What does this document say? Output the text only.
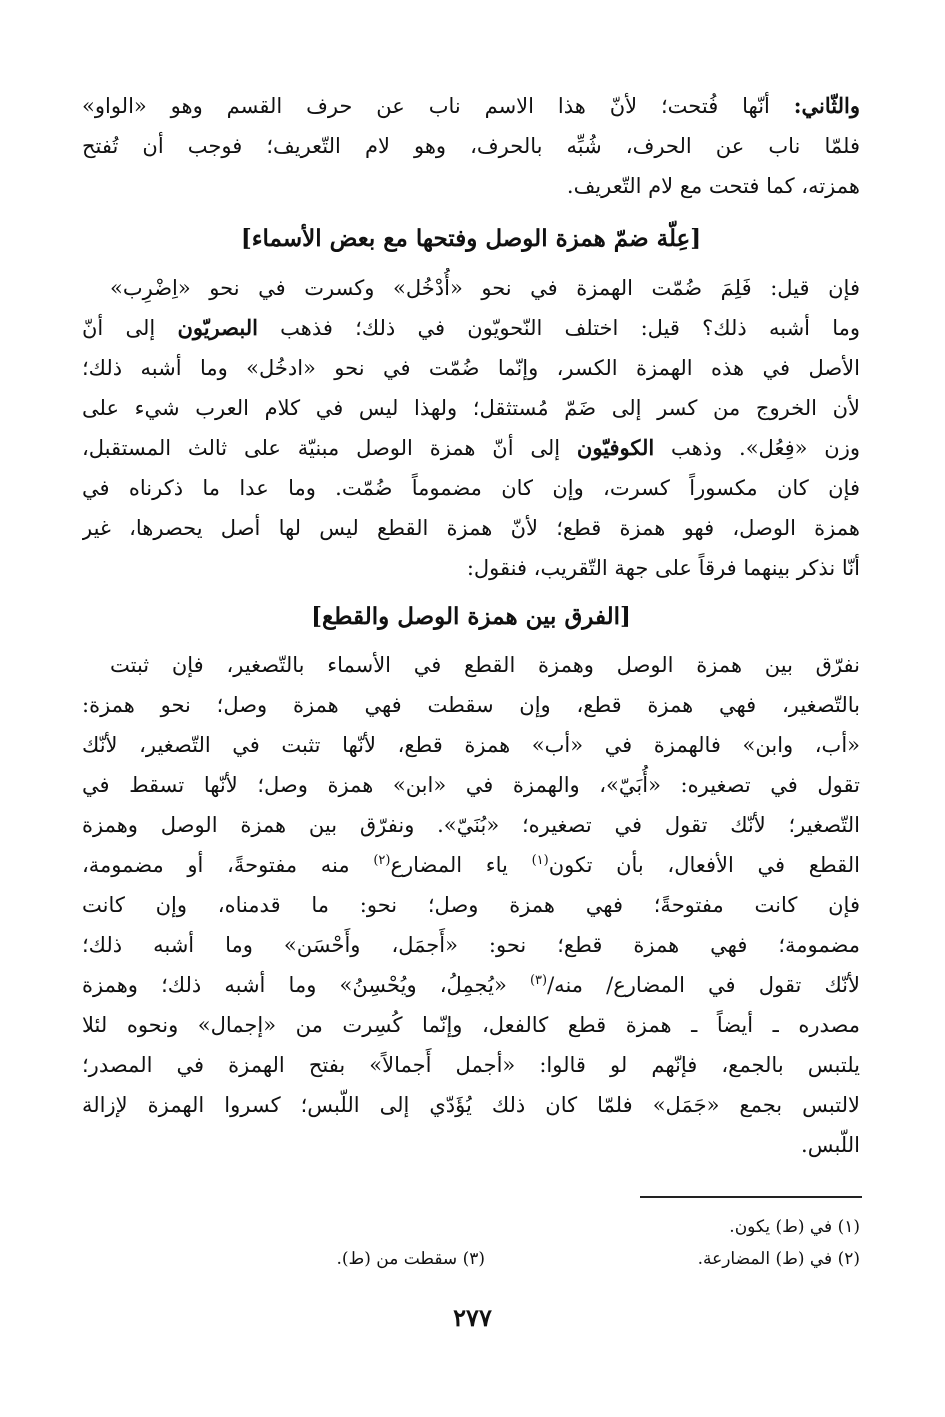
والثّاني: أنّها فُتحت؛ لأنّ هذا الاسم ناب عن حرف القسم وهو «الواو»
فلمّا ناب عن الحرف، شُبِّه بالحرف، وهو لام التّعريف؛ فوجب أن تُفتح
همزته، كما فتحت مع لام التّعريف.
[عِلّة ضمّ همزة الوصل وفتحها مع بعض الأسماء]
فإن قيل: فَلِمَ ضُمّت الهمزة في نحو «أُدْخُل» وكسرت في نحو «اِضْرِب»
وما أشبه ذلك؟ قيل: اختلف النّحويّون في ذلك؛ فذهب البصريّون إلى أنّ
الأصل في هذه الهمزة الكسر، وإنّما ضُمّت في نحو «ادخُل» وما أشبه ذلك؛
لأن الخروج من كسر إلى ضَمّ مُستثقل؛ ولهذا ليس في كلام العرب شيء على
وزن «فِعُل». وذهب الكوفيّون إلى أنّ همزة الوصل مبنيّة على ثالث المستقبل،
فإن كان مكسوراً كسرت، وإن كان مضموماً ضُمّت. وما عدا ما ذكرناه في
همزة الوصل، فهو همزة قطع؛ لأنّ همزة القطع ليس لها أصل يحصرها، غير
أنّا نذكر بينهما فرقاً على جهة التّقريب، فنقول:
[الفرق بين همزة الوصل والقطع]
نفرّق بين همزة الوصل وهمزة القطع في الأسماء بالتّصغير، فإن ثبتت
بالتّصغير، فهي همزة قطع، وإن سقطت فهي همزة وصل؛ نحو همزة:
«أب، وابن» فالهمزة في «أب» همزة قطع، لأنّها تثبت في التّصغير، لأنّك
تقول في تصغيره: «أُبَيّ»، والهمزة في «ابن» همزة وصل؛ لأنّها تسقط في
التّصغير؛ لأنّك تقول في تصغيره؛ «بُنَيّ». ونفرّق بين همزة الوصل وهمزة
القطع في الأفعال، بأن تكون$^{(١)}$ ياء المضارع$^{(٢)}$ منه مفتوحةً، أو مضمومة،
فإن كانت مفتوحةً؛ فهي همزة وصل؛ نحو: ما قدمناه، وإن كانت
مضمومة؛ فهي همزة قطع؛ نحو: «أَجمَل، وأَحْسَن» وما أشبه ذلك؛
لأنّك تقول في المضارع/ منه/$^{(٣)}$ «يُجمِلُ، ويُحْسِنُ» وما أشبه ذلك؛ وهمزة
مصدره ـ أيضاً ـ همزة قطع كالفعل، وإنّما كُسِرت من «إجمال» ونحوه لئلا
يلتبس بالجمع، فإنّهم لو قالوا: «أجمل أَجمالاً» بفتح الهمزة في المصدر؛
لالتبس بجمع «جَمَل» فلمّا كان ذلك يُؤَدّي إلى اللّبس؛ كسروا الهمزة لإزالة
اللّبس.
(١) في (ط) يكون.
(٢) في (ط) المضارعة.
(٣) سقطت من (ط).
٢٧٧
